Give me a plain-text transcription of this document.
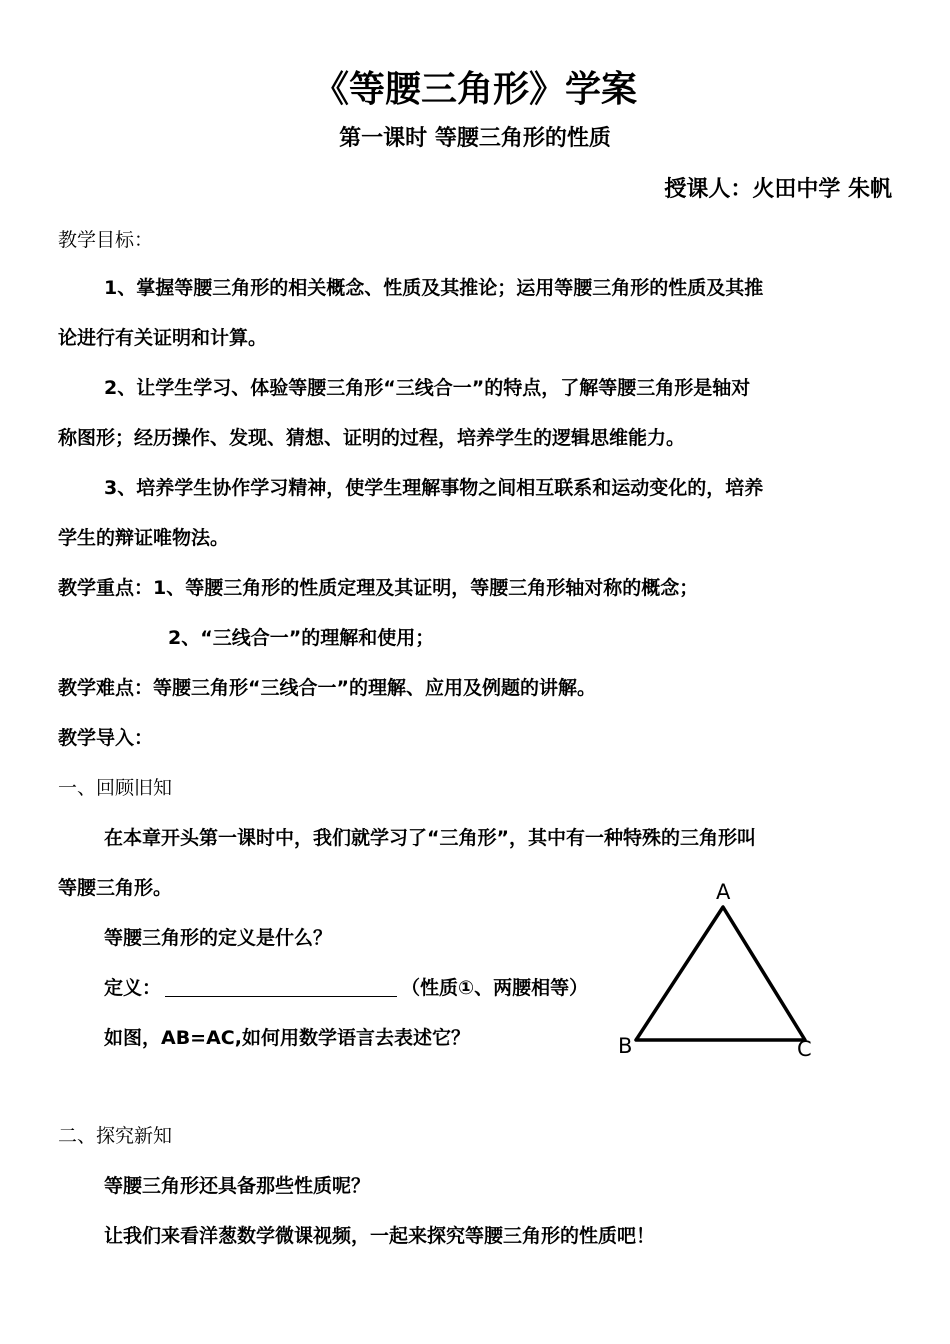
《等腰三角形》学案
第一课时 等腰三角形的性质
授课人：火田中学 朱帆
教学目标：
1、掌握等腰三角形的相关概念、性质及其推论；运用等腰三角形的性质及其推
论进行有关证明和计算。
2、让学生学习、体验等腰三角形“三线合一”的特点，了解等腰三角形是轴对
称图形；经历操作、发现、猜想、证明的过程，培养学生的逻辑思维能力。
3、培养学生协作学习精神，使学生理解事物之间相互联系和运动变化的，培养
学生的辩证唯物法。
教学重点：1、等腰三角形的性质定理及其证明，等腰三角形轴对称的概念；
2、“三线合一”的理解和使用；
教学难点：等腰三角形“三线合一”的理解、应用及例题的讲解。
教学导入：
一、回顾旧知
在本章开头第一课时中，我们就学习了“三角形”，其中有一种特殊的三角形叫
等腰三角形。
等腰三角形的定义是什么？
定义：	（性质①、两腰相等）
如图，AB=AC,如何用数学语言去表述它？
A
B	C
二、探究新知
等腰三角形还具备那些性质呢？
让我们来看洋葱数学微课视频，一起来探究等腰三角形的性质吧！
